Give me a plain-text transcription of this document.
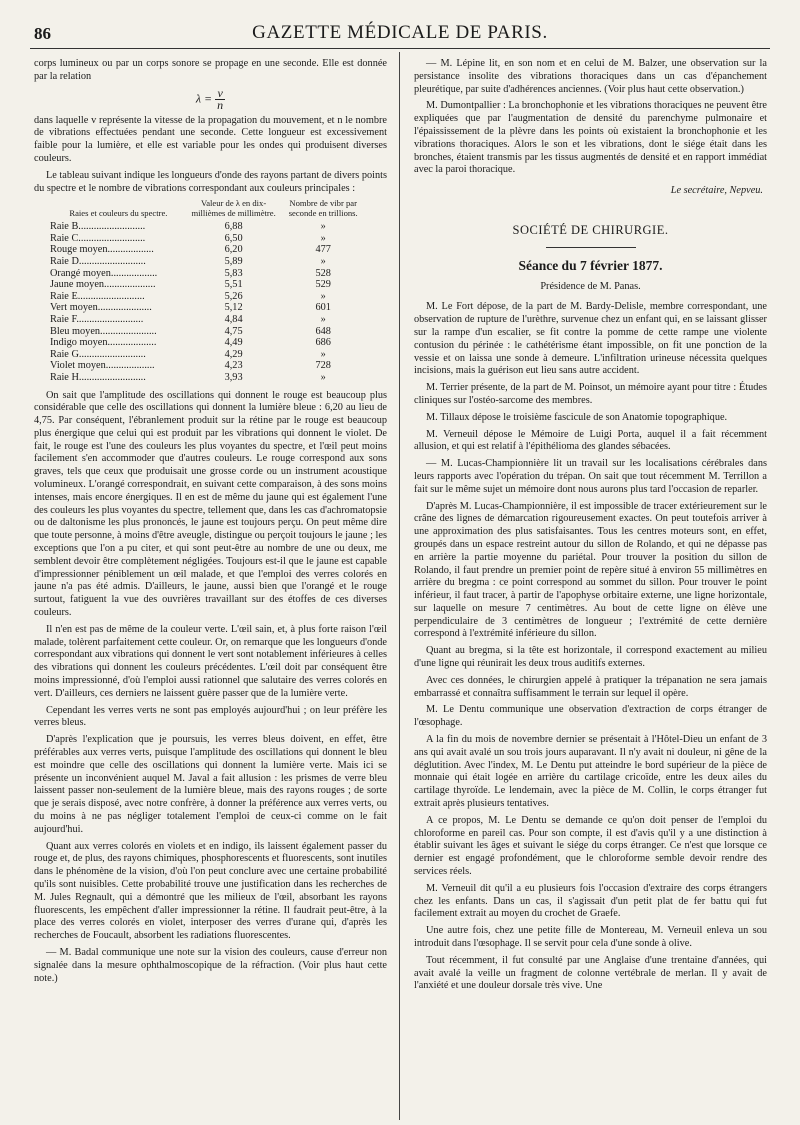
86	GAZETTE MÉDICALE DE PARIS.

corps lumineux ou par un corps sonore se propage en une seconde. Elle est donnée par la relation

$\lambda = \frac{v}{n}$

dans laquelle v représente la vitesse de la propagation du mouvement, et n le nombre de vibrations effectuées pendant une seconde. Cette longueur est excessivement faible pour la lumière, et elle est variable pour les ondes qui produisent diverses couleurs.

Le tableau suivant indique les longueurs d'onde des rayons partant de divers points du spectre et le nombre de vibrations correspondant aux couleurs principales :

Raies et couleurs du spectre.	Valeur de λ en dix-millièmes de millimètre.	Nombre de vibr par seconde en trillions.
Raie B..........................	6,88	»
Raie C..........................	6,50	»
Rouge moyen..................	6,20	477
Raie D..........................	5,89	»
Orangé moyen..................	5,83	528
Jaune moyen....................	5,51	529
Raie E..........................	5,26	»
Vert moyen.....................	5,12	601
Raie F..........................	4,84	»
Bleu moyen......................	4,75	648
Indigo moyen...................	4,49	686
Raie G..........................	4,29	»
Violet moyen...................	4,23	728
Raie H..........................	3,93	»

On sait que l'amplitude des oscillations qui donnent le rouge est beaucoup plus considérable que celle des oscillations qui donnent la lumière bleue : 6,20 au lieu de 4,75. Par conséquent, l'ébranlement produit sur la rétine par le rouge est beaucoup plus énergique que celui qui est produit par les vibrations qui donnent le violet. De fait, le rouge est l'une des couleurs les plus voyantes du spectre, et l'œil peut moins facilement s'en accommoder que d'autres couleurs. Le rouge correspond aux sons graves, tels que ceux que produisait une grosse corde ou un instrument acoustique volumineux. L'orangé correspondrait, en suivant cette comparaison, à des sons moins intenses, mais encore énergiques. Il en est de même du jaune qui est également l'une des couleurs les plus voyantes du spectre, tellement que, dans les cas d'achromatopsie ou de daltonisme les plus prononcés, le jaune est toujours perçu. On peut même dire que toute personne, à moins d'être aveugle, distingue ou perçoit toujours le jaune ; les exceptions que l'on a pu citer, et qui sont peut-être au nombre de une ou deux, me semblent devoir être complètement négligées. Toujours est-il que le jaune est capable d'impressionner péniblement un œil malade, et que l'emploi des verres colorés en jaune n'a pas été admis. D'ailleurs, le jaune, aussi bien que l'orangé et le rouge surtout, fatiguent la vue des ouvrières travaillant sur des étoffes de ces diverses couleurs.

Il n'en est pas de même de la couleur verte. L'œil sain, et, à plus forte raison l'œil malade, tolèrent parfaitement cette couleur. Or, on remarque que les longueurs d'onde correspondant aux vibrations qui donnent le vert sont notablement inférieures à celles des vibrations qui donnent les couleurs précédentes. L'œil doit par conséquent être moins impressionné, d'où l'emploi aussi rationnel que salutaire des verres colorés en vert. D'ailleurs, ces derniers ne laissent guère passer que de la lumière verte.

Cependant les verres verts ne sont pas employés aujourd'hui ; on leur préfère les verres bleus.

D'après l'explication que je poursuis, les verres bleus doivent, en effet, être préférables aux verres verts, puisque l'amplitude des oscillations qui donnent le bleu est moindre que celle des oscillations qui donnent la lumière verte. Mais ici se présente un inconvénient auquel M. Javal a fait allusion : les prismes de verre bleu laissent passer non-seulement de la lumière bleue, mais des rayons rouges ; de sorte que je serais disposé, avec notre confrère, à donner la préférence aux verres verts, ou du moins à ne pas négliger totalement l'emploi de ceux-ci comme on le fait aujourd'hui.

Quant aux verres colorés en violets et en indigo, ils laissent également passer du rouge et, de plus, des rayons chimiques, phosphorescents et fluorescents, sont inutiles dans le phénomène de la vision, d'où l'on peut conclure avec une certaine probabilité qu'ils sont nuisibles. Cette probabilité trouve une justification dans les recherches de M. Jules Regnault, qui a démontré que les milieux de l'œil, absorbant les rayons fluorescents, les empêchent d'aller impressionner la rétine. Il faudrait peut-être, à la place des verres colorés en violet, interposer des verres d'urane qui, d'après les recherches de Foucault, absorbent les radiations fluorescentes.

— M. Badal communique une note sur la vision des couleurs, cause d'erreur non signalée dans la mesure ophthalmoscopique de la réfraction. (Voir plus haut cette note.)

— M. Lépine lit, en son nom et en celui de M. Balzer, une observation sur la persistance insolite des vibrations thoraciques dans un cas d'épanchement pleurétique, par suite d'adhérences anciennes. (Voir plus haut cette observation.)

M. Dumontpallier : La bronchophonie et les vibrations thoraciques ne peuvent être expliquées que par l'augmentation de densité du parenchyme pulmonaire et l'épaississement de la plèvre dans les points où existaient la bronchophonie et les vibrations thoraciques. Alors le son et les vibrations, dont le siége était dans les bronches, étaient transmis par les tissus augmentés de densité et en rapport immédiat avec la paroi thoracique.

Le secrétaire, Nepveu.
SOCIÉTÉ DE CHIRURGIE.
Séance du 7 février 1877.
Présidence de M. Panas.

M. Le Fort dépose, de la part de M. Bardy-Delisle, membre correspondant, une observation de rupture de l'urèthre, survenue chez un enfant qui, en se laissant glisser sur la rampe d'un escalier, se fit contre la pomme de cette rampe une violente contusion du périnée : le cathétérisme étant impossible, on fit une ponction de la vessie et on laissa une sonde à demeure. L'infiltration urineuse nécessita quelques incisions, mais la guérison eut lieu sans autre accident.

M. Terrier présente, de la part de M. Poinsot, un mémoire ayant pour titre : Études cliniques sur l'ostéo-sarcome des membres.

M. Tillaux dépose le troisième fascicule de son Anatomie topographique.

M. Verneuil dépose le Mémoire de Luigi Porta, auquel il a fait récemment allusion, et qui est relatif à l'épithélioma des glandes sébacées.

— M. Lucas-Championnière lit un travail sur les localisations cérébrales dans leurs rapports avec l'opération du trépan. On sait que tout récemment M. Terrillon a fait sur le même sujet un mémoire dont nous aurons plus tard l'occasion de reparler.

D'après M. Lucas-Championnière, il est impossible de tracer extérieurement sur le crâne des lignes de démarcation rigoureusement exactes. On peut toutefois arriver à une approximation des plus satisfaisantes. Tous les centres moteurs sont, en effet, groupés dans un espace restreint autour du sillon de Rolando, et qui ne dépasse pas en arrière la partie moyenne du pariétal. Pour trouver la position du sillon de Rolando, il faut prendre un premier point de repère situé à environ 55 millimètres en arrière du bregma : ce point correspond au sommet du sillon. Pour trouver le point inférieur, il faut tracer, à partir de l'apophyse orbitaire externe, une ligne horizontale, sur laquelle on mesure 7 centimètres. Au bout de cette ligne on élève une perpendiculaire de 3 centimètres de longueur ; l'extrémité de cette dernière correspond à l'extrémité inférieure du sillon.

Quant au bregma, si la tête est horizontale, il correspond exactement au milieu d'une ligne qui réunirait les deux trous auditifs externes.

Avec ces données, le chirurgien appelé à pratiquer la trépanation ne sera jamais embarrassé et connaîtra suffisamment le terrain sur lequel il opère.

M. Le Dentu communique une observation d'extraction de corps étranger de l'œsophage.

A la fin du mois de novembre dernier se présentait à l'Hôtel-Dieu un enfant de 3 ans qui avait avalé un sou trois jours auparavant. Il n'y avait ni douleur, ni gêne de la déglutition. Avec l'index, M. Le Dentu put atteindre le bord supérieur de la pièce de monnaie qui était logée en arrière du cartilage cricoïde, entre les deux ailes du cartilage thyroïde. Le lendemain, avec la pièce de M. Collin, le corps étranger fut extrait après plusieurs tentatives.

A ce propos, M. Le Dentu se demande ce qu'on doit penser de l'emploi du chloroforme en pareil cas. Pour son compte, il est d'avis qu'il y a une distinction à établir suivant les âges et suivant le siége du corps étranger. Ce n'est que lorsque ce dernier est engagé profondément, que le chloroforme semble devoir rendre des services réels.

M. Verneuil dit qu'il a eu plusieurs fois l'occasion d'extraire des corps étrangers chez les enfants. Dans un cas, il s'agissait d'un petit plat de fer battu qui fut facilement extrait au moyen du crochet de Graefe.

Une autre fois, chez une petite fille de Montereau, M. Verneuil enleva un sou introduit dans l'œsophage. Il se servit pour cela d'une sonde à olive.

Tout récemment, il fut consulté par une Anglaise d'une trentaine d'années, qui avait avalé la veille un fragment de colonne vertébrale de merlan. Il y avait de l'anxiété et une douleur dorsale très vive. Une
